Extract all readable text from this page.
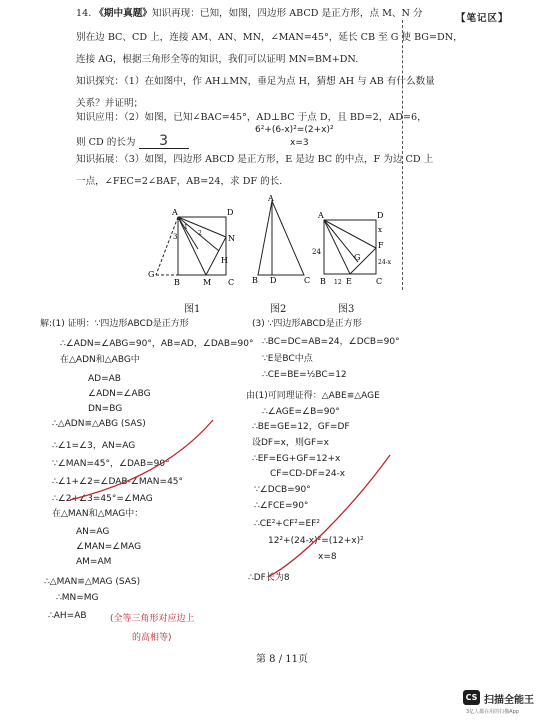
【笔记区】
14. 《期中真题》知识再现：已知，如图，四边形 ABCD 是正方形，点 M、N 分
别在边 BC、CD 上，连接 AM、AN、MN，∠MAN=45°，延长 CB 至 G 使 BG=DN，
连接 AG，根据三角形全等的知识，我们可以证明 MN=BM+DN.
知识探究：（1）在如图中，作 AH⊥MN，垂足为点 H，猜想 AH 与 AB 有什么数量
关系？并证明；
知识应用：（2）如图，已知∠BAC=45°，AD⊥BC 于点 D，且 BD=2，AD=6，
则 CD 的长为 3
6²+(6-x)²=(2+x)²
x=3
知识拓展：（3）如图，四边形 ABCD 是正方形，E 是边 BC 的中点，F 为边 CD 上
一点，∠FEC=2∠BAF，AB=24，求 DF 的长.
A	D
N
G
B	M C
H
1
3	2
A
B D	C
A	D
F
G
B	E	C
24
24-x
x
12
图1	图2	图3
解:(1) 证明：∵四边形ABCD是正方形
∴∠ADN=∠ABG=90°，AB=AD，∠DAB=90°
在△ADN和△ABG中
AD=AB
∠ADN=∠ABG
DN=BG
∴△ADN≌△ABG (SAS)
∴∠1=∠3，AN=AG
∵∠MAN=45°，∠DAB=90°
∴∠1+∠2=∠DAB-∠MAN=45°
∴∠2+∠3=45°=∠MAG
在△MAN和△MAG中：
AN=AG
∠MAN=∠MAG
AM=AM
∴△MAN≌△MAG (SAS)
∴MN=MG
∴AH=AB	(全等三角形对应边上
的高相等)
(3) ∵四边形ABCD是正方形
∴BC=DC=AB=24，∠DCB=90°
∵E是BC中点
∴CE=BE=½BC=12
由(1)可同理证得：△ABE≌△AGE
∴∠AGE=∠B=90°
∴BE=GE=12，GF=DF
设DF=x，则GF=x
∴EF=EG+GF=12+x
CF=CD-DF=24-x
∵∠DCB=90°
∴∠FCE=90°
∴CE²+CF²=EF²
12²+(24-x)²=(12+x)²
x=8
∴DF长为8
第 8 / 11页
CS 扫描全能王
3亿人都在用的扫描App
